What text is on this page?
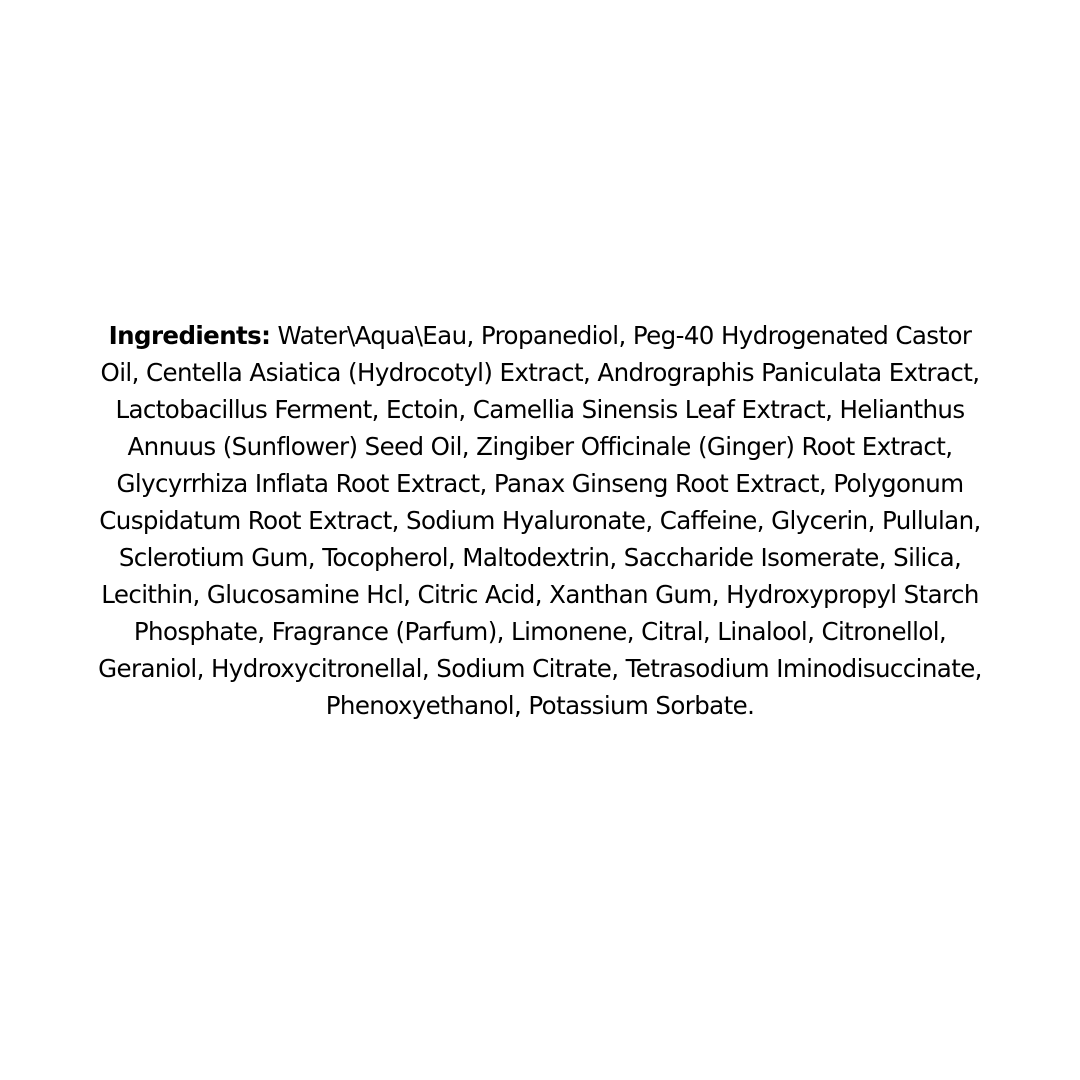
Ingredients: Water\Aqua\Eau, Propanediol, Peg-40 Hydrogenated Castor Oil, Centella Asiatica (Hydrocotyl) Extract, Andrographis Paniculata Extract, Lactobacillus Ferment, Ectoin, Camellia Sinensis Leaf Extract, Helianthus Annuus (Sunflower) Seed Oil, Zingiber Officinale (Ginger) Root Extract, Glycyrrhiza Inflata Root Extract, Panax Ginseng Root Extract, Polygonum Cuspidatum Root Extract, Sodium Hyaluronate, Caffeine, Glycerin, Pullulan, Sclerotium Gum, Tocopherol, Maltodextrin, Saccharide Isomerate, Silica, Lecithin, Glucosamine Hcl, Citric Acid, Xanthan Gum, Hydroxypropyl Starch Phosphate, Fragrance (Parfum), Limonene, Citral, Linalool, Citronellol, Geraniol, Hydroxycitronellal, Sodium Citrate, Tetrasodium Iminodisuccinate, Phenoxyethanol, Potassium Sorbate.
